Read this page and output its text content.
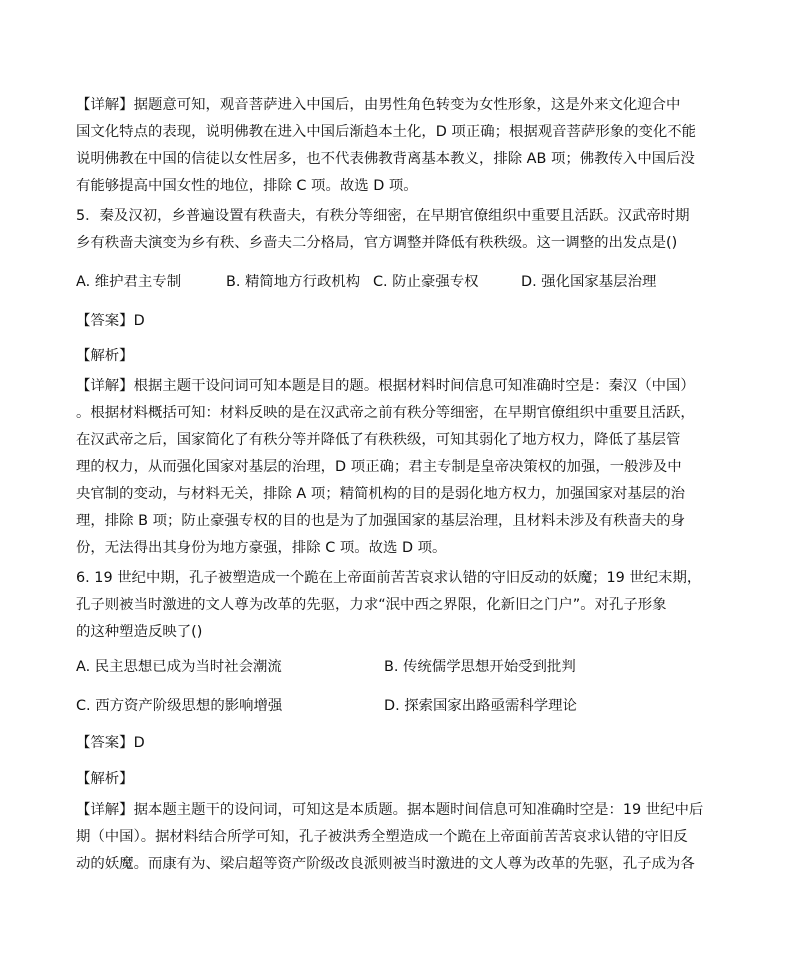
【详解】据题意可知，观音菩萨进入中国后，由男性角色转变为女性形象，这是外来文化迎合中
国文化特点的表现，说明佛教在进入中国后渐趋本土化，D 项正确；根据观音菩萨形象的变化不能
说明佛教在中国的信徒以女性居多，也不代表佛教背离基本教义，排除 AB 项；佛教传入中国后没
有能够提高中国女性的地位，排除 C 项。故选 D 项。
5．秦及汉初，乡普遍设置有秩啬夫，有秩分等细密，在早期官僚组织中重要且活跃。汉武帝时期
乡有秩啬夫演变为乡有秩、乡啬夫二分格局，官方调整并降低有秩秩级。这一调整的出发点是()
A. 维护君主专制	B. 精简地方行政机构 C. 防止豪强专权	D. 强化国家基层治理
【答案】D
【解析】
【详解】根据主题干设问词可知本题是目的题。根据材料时间信息可知准确时空是：秦汉（中国）
。根据材料概括可知：材料反映的是在汉武帝之前有秩分等细密，在早期官僚组织中重要且活跃，
在汉武帝之后，国家简化了有秩分等并降低了有秩秩级，可知其弱化了地方权力，降低了基层管
理的权力，从而强化国家对基层的治理，D 项正确；君主专制是皇帝决策权的加强，一般涉及中
央官制的变动，与材料无关，排除 A 项；精简机构的目的是弱化地方权力，加强国家对基层的治
理，排除 B 项；防止豪强专权的目的也是为了加强国家的基层治理，且材料未涉及有秩啬夫的身
份，无法得出其身份为地方豪强，排除 C 项。故选 D 项。
6. 19 世纪中期，孔子被塑造成一个跪在上帝面前苦苦哀求认错的守旧反动的妖魔；19 世纪末期，
孔子则被当时激进的文人尊为改革的先驱，力求“泯中西之界限，化新旧之门户”。对孔子形象
的这种塑造反映了()
A. 民主思想已成为当时社会潮流	B. 传统儒学思想开始受到批判
C. 西方资产阶级思想的影响增强	D. 探索国家出路亟需科学理论
【答案】D
【解析】
【详解】据本题主题干的设问词，可知这是本质题。据本题时间信息可知准确时空是：19 世纪中后
期（中国）。据材料结合所学可知，孔子被洪秀全塑造成一个跪在上帝面前苦苦哀求认错的守旧反
动的妖魔。而康有为、梁启超等资产阶级改良派则被当时激进的文人尊为改革的先驱，孔子成为各
